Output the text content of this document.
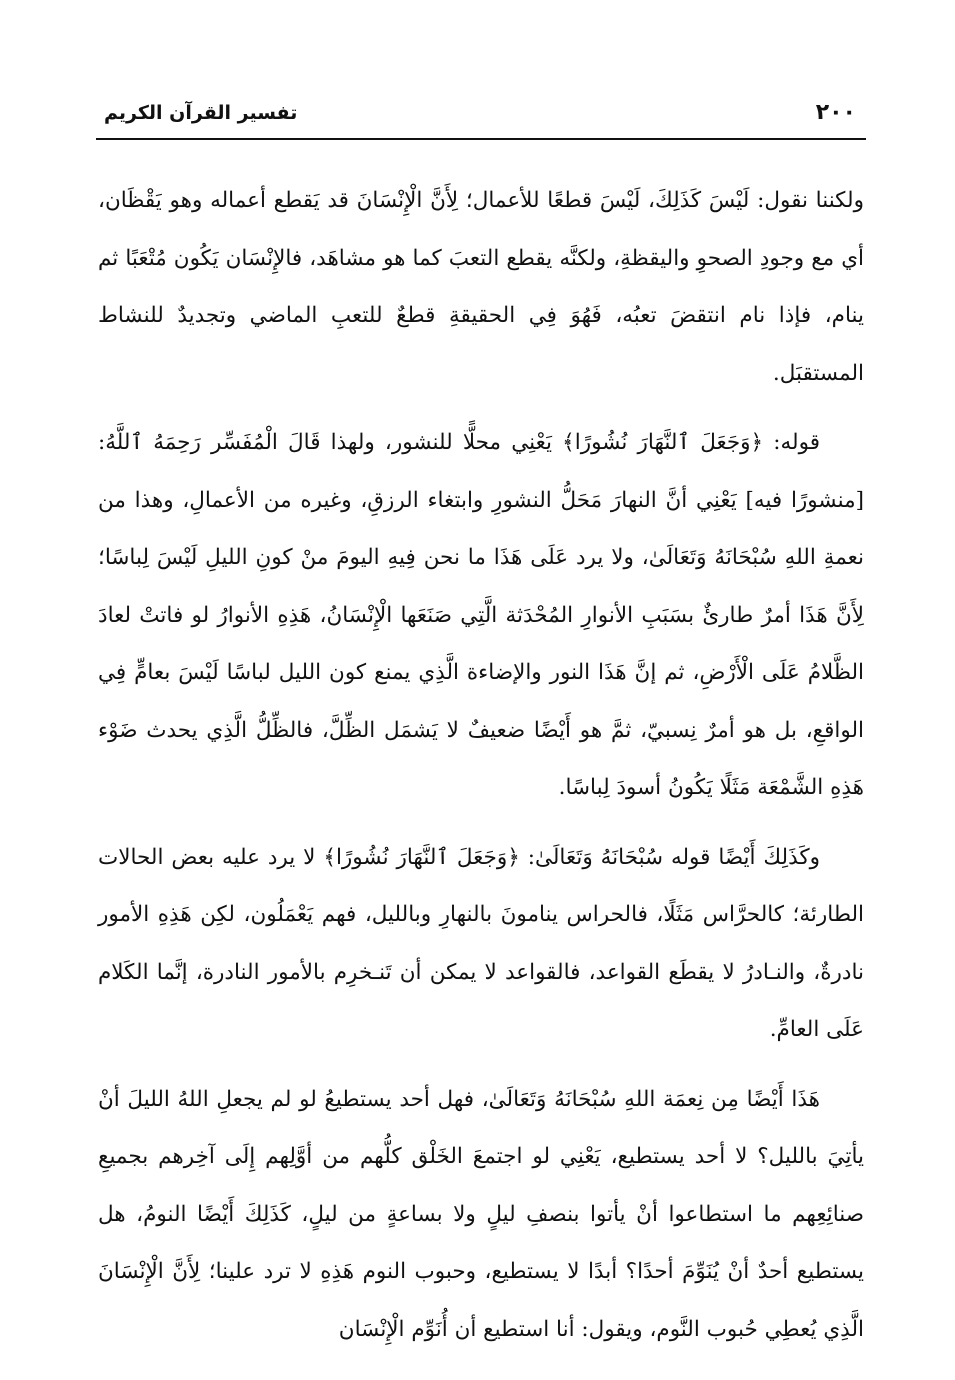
٢٠٠
تفسير القرآن الكريم

ولكننا نقول: لَيْسَ كَذَلِكَ، لَيْسَ قطعًا للأعمال؛ لِأَنَّ الْإِنْسَانَ قد يَقطع أعماله وهو يَقْظَان، أي مع وجودِ الصحوِ واليقظةِ، ولكنَّه يقطع التعبَ كما هو مشاهَد، فالإِنْسَان يَكُون مُتْعَبًا ثم ينام، فإذا نام انتقضَ تعبُه، فَهُوَ فِي الحقيقةِ قطعٌ للتعبِ الماضي وتجديدٌ للنشاط المستقبَل.

قوله: ﴿وَجَعَلَ ٱلنَّهَارَ نُشُورًا﴾ يَعْنِي محلًّا للنشور، ولهذا قَالَ الْمُفَسِّر رَحِمَهُ ٱللَّهُ: [منشورًا فيه] يَعْنِي أنَّ النهارَ مَحَلُّ النشورِ وابتغاء الرزقِ، وغيره من الأعمالِ، وهذا من نعمةِ اللهِ سُبْحَانَهُ وَتَعَالَىٰ، ولا يرد عَلَى هَذَا ما نحن فِيهِ اليومَ منْ كونِ الليلِ لَيْسَ لِباسًا؛ لِأَنَّ هَذَا أمرٌ طارئٌ بسَبَبِ الأنوارِ المُحْدَثة الَّتِي صَنَعَها الْإِنْسَانُ، هَذِهِ الأنوارُ لو فاتتْ لعادَ الظَّلامُ عَلَى الْأَرْضِ، ثم إنَّ هَذَا النور والإضاءة الَّذِي يمنع كون الليل لباسًا لَيْسَ بعامٍّ فِي الواقعِ، بل هو أمرٌ نِسبيّ، ثمَّ هو أَيْضًا ضعيفٌ لا يَشمَل الظِّلَّ، فالظِّلُّ الَّذِي يحدث ضَوْء هَذِهِ الشَّمْعَة مَثَلًا يَكُونُ أسودَ لِباسًا.

وكَذَلِكَ أَيْضًا قوله سُبْحَانَهُ وَتَعَالَىٰ: ﴿وَجَعَلَ ٱلنَّهَارَ نُشُورًا﴾ لا يرد عليه بعض الحالات الطارئة؛ كالحرَّاس مَثَلًا، فالحراس ينامونَ بالنهارِ وبالليل، فهم يَعْمَلُون، لكِن هَذِهِ الأمور نادرةٌ، والنـادرُ لا يقطَع القواعد، فالقواعد لا يمكن أن تَنـخرِم بالأمور النادرة، إنَّما الكَلام عَلَى العامِّ.

هَذَا أَيْضًا مِن نِعمَة اللهِ سُبْحَانَهُ وَتَعَالَىٰ، فهل أحد يستطيعُ لو لم يجعلِ اللهُ الليلَ أنْ يأتِيَ بالليل؟ لا أحد يستطيع، يَعْنِي لو اجتمعَ الخَلْق كلُّهم من أوَّلِهم إِلَى آخِرهم بجميعِ صنائِعِهم ما استطاعوا أنْ يأتوا بنصفِ ليلٍ ولا بساعةٍ من ليلٍ، كَذَلِكَ أَيْضًا النومُ، هل يستطيع أحدٌ أنْ يُنَوِّمَ أحدًا؟ أبدًا لا يستطيع، وحبوب النوم هَذِهِ لا ترد علينا؛ لِأَنَّ الْإِنْسَانَ الَّذِي يُعطِي حُبوب النَّوم، ويقول: أنا استطيع أن أُنَوِّم الْإِنْسَان
